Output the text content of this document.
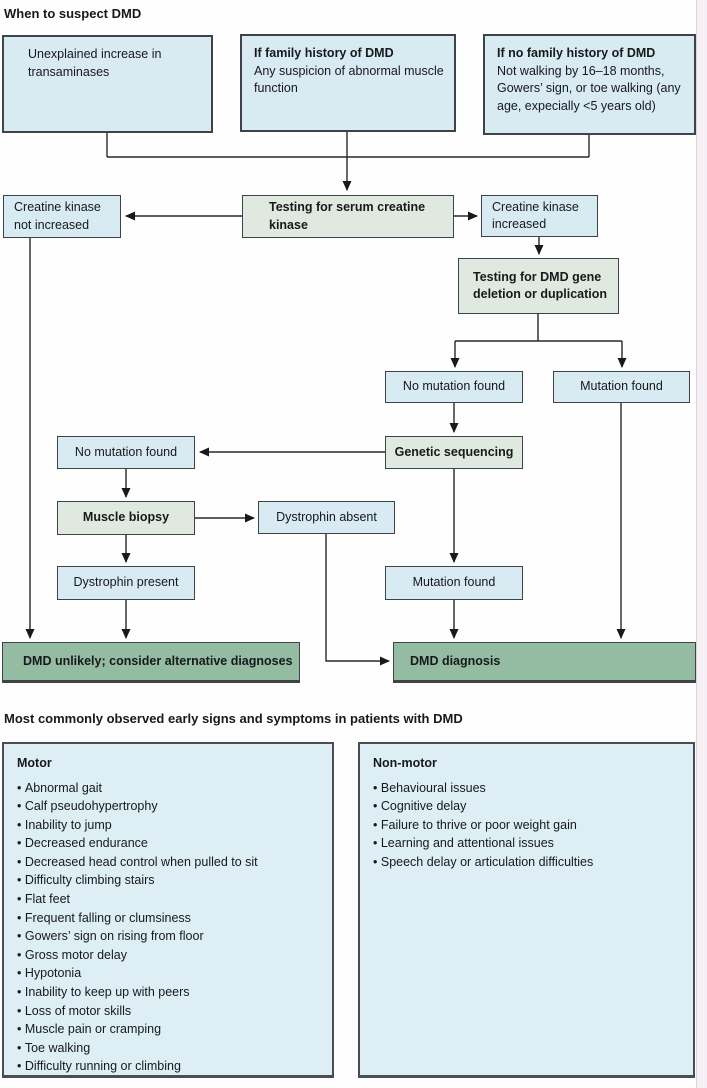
When to suspect DMD
Unexplained increase in transaminases
If family history of DMD
Any suspicion of abnormal muscle function
If no family history of DMD
Not walking by 16–18 months, Gowers’ sign, or toe walking (any age, expecially <5 years old)
Creatine kinase not increased
Testing for serum creatine kinase
Creatine kinase increased
Testing for DMD gene deletion or duplication
No mutation found	Mutation found
Genetic sequencing
No mutation found
Muscle biopsy	Dystrophin absent
Dystrophin present	Mutation found
DMD unlikely; consider alternative diagnoses	DMD diagnosis
Most commonly observed early signs and symptoms in patients with DMD
Motor
• Abnormal gait
• Calf pseudohypertrophy
• Inability to jump
• Decreased endurance
• Decreased head control when pulled to sit
• Difficulty climbing stairs
• Flat feet
• Frequent falling or clumsiness
• Gowers’ sign on rising from floor
• Gross motor delay
• Hypotonia
• Inability to keep up with peers
• Loss of motor skills
• Muscle pain or cramping
• Toe walking
• Difficulty running or climbing
Non-motor
• Behavioural issues
• Cognitive delay
• Failure to thrive or poor weight gain
• Learning and attentional issues
• Speech delay or articulation difficulties
